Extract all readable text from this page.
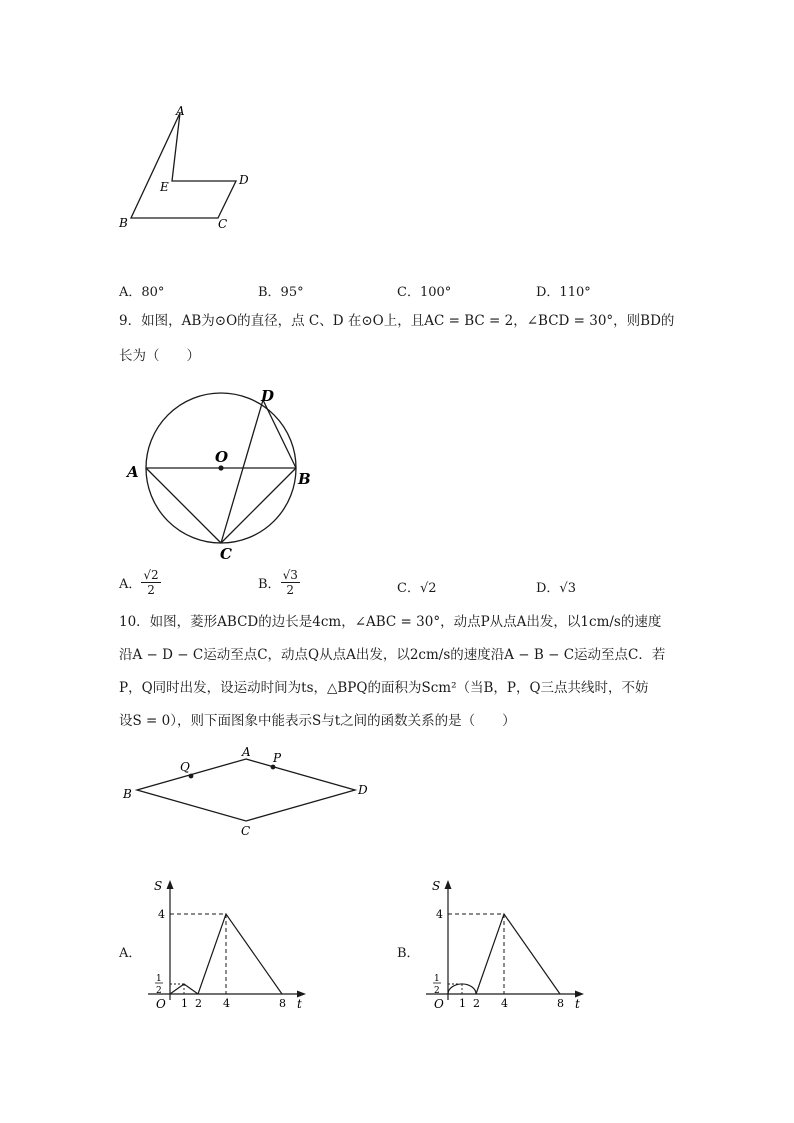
A
E	D
B	C
A．80°	B．95°	C．100°	D．110°
9．如图，AB为⊙O的直径，点 C、D 在⊙O上，且AC = BC = 2，∠BCD = 30°，则BD的
长为（　　）
O
A	B
C
D
A． $\frac{√2}{2}$	B． $\frac{√3}{2}$	C．√2	D．√3
10．如图，菱形ABCD的边长是4cm，∠ABC = 30°，动点P从点A出发，以1cm/s的速度
沿A − D − C运动至点C，动点Q从点A出发，以2cm/s的速度沿A − B − C运动至点C．若
P，Q同时出发，设运动时间为ts，△BPQ的面积为Scm²（当B，P，Q三点共线时，不妨
设S = 0），则下面图象中能表示S与t之间的函数关系的是（　　）
A
B
C
D
P
Q
A．	B．
S
t
O
4
1
2
1 2 4	8
S
t
O
4
1
2
1 2 4	8
